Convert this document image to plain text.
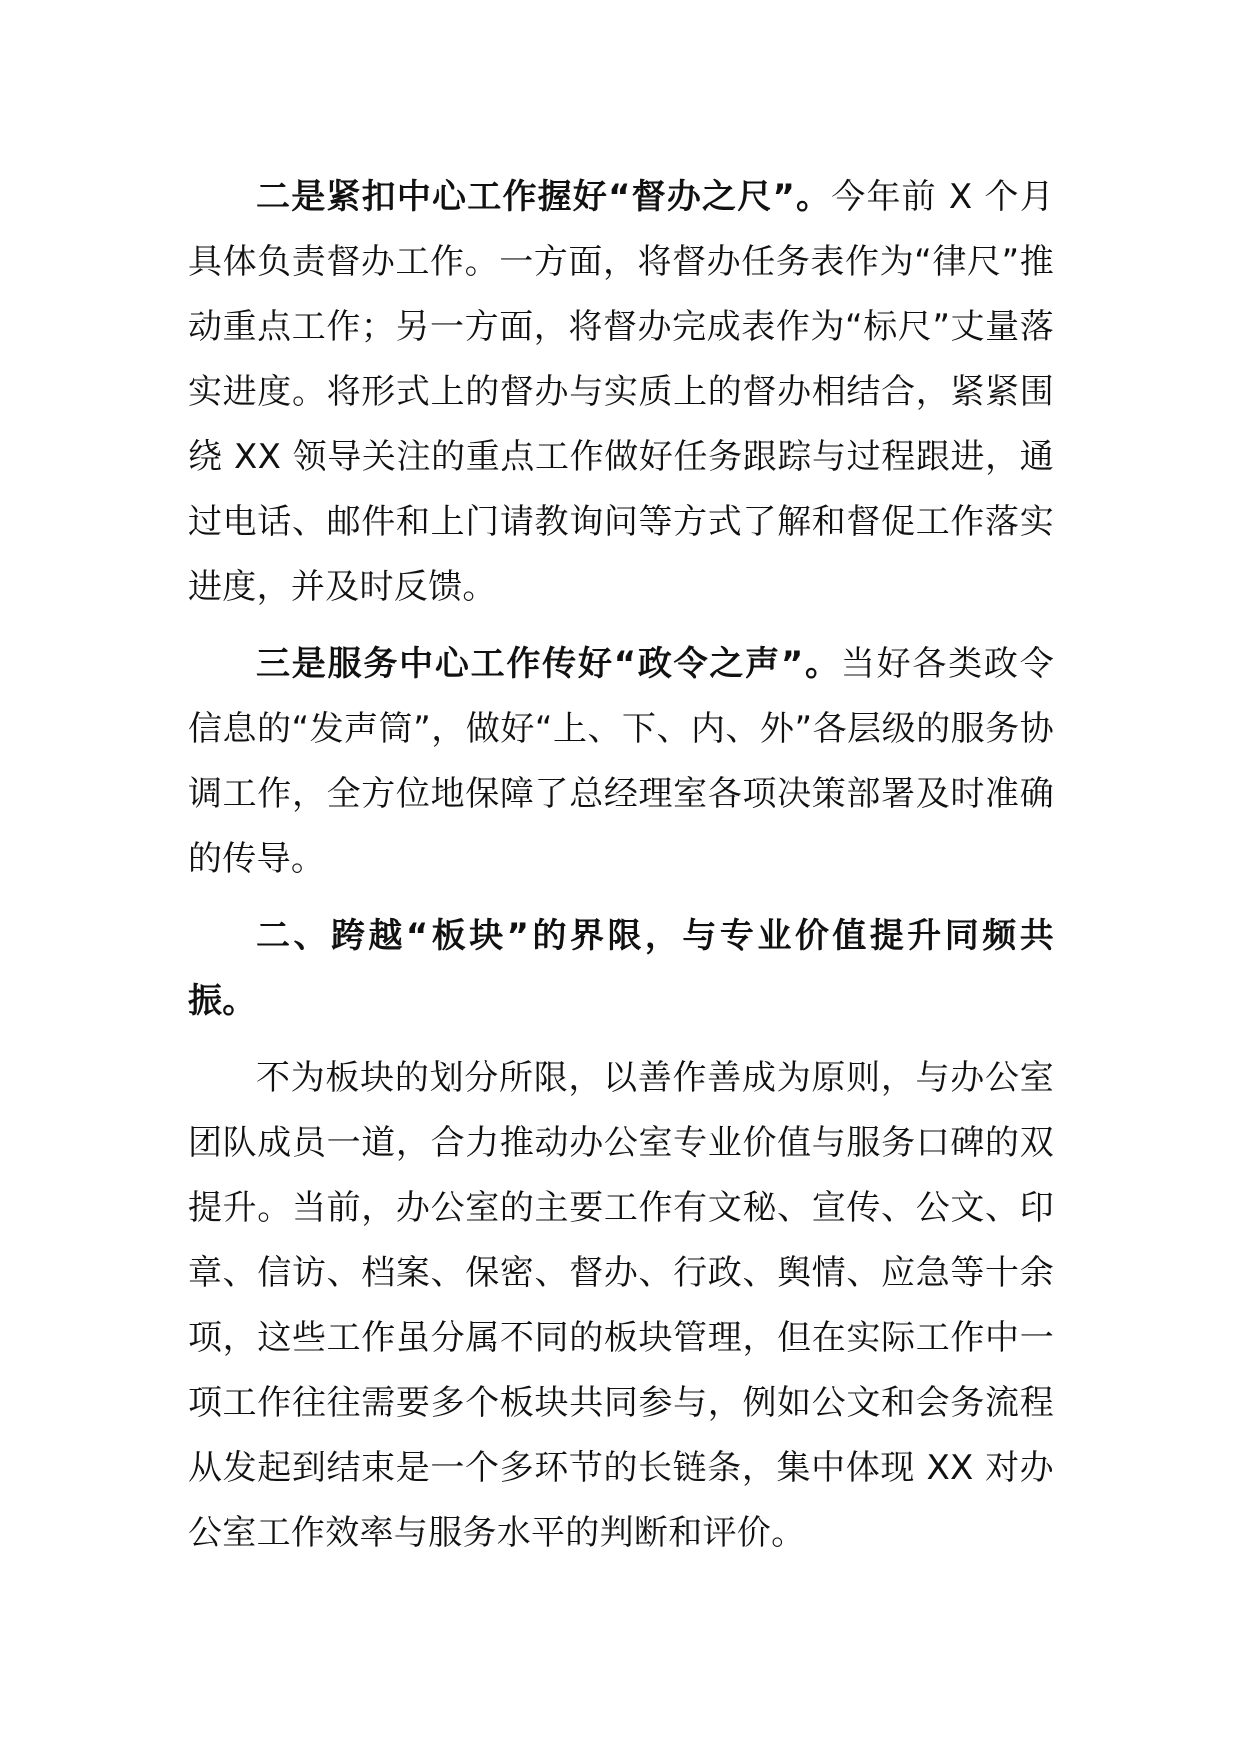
二是紧扣中心工作握好“督办之尺”。今年前 X 个月具体负责督办工作。一方面，将督办任务表作为“律尺”推动重点工作；另一方面，将督办完成表作为“标尺”丈量落实进度。将形式上的督办与实质上的督办相结合，紧紧围绕 XX 领导关注的重点工作做好任务跟踪与过程跟进，通过电话、邮件和上门请教询问等方式了解和督促工作落实进度，并及时反馈。

三是服务中心工作传好“政令之声”。当好各类政令信息的“发声筒”，做好“上、下、内、外”各层级的服务协调工作，全方位地保障了总经理室各项决策部署及时准确的传导。

二、跨越“板块”的界限，与专业价值提升同频共振。

不为板块的划分所限，以善作善成为原则，与办公室团队成员一道，合力推动办公室专业价值与服务口碑的双提升。当前，办公室的主要工作有文秘、宣传、公文、印章、信访、档案、保密、督办、行政、舆情、应急等十余项，这些工作虽分属不同的板块管理，但在实际工作中一项工作往往需要多个板块共同参与，例如公文和会务流程从发起到结束是一个多环节的长链条，集中体现 XX 对办公室工作效率与服务水平的判断和评价。
